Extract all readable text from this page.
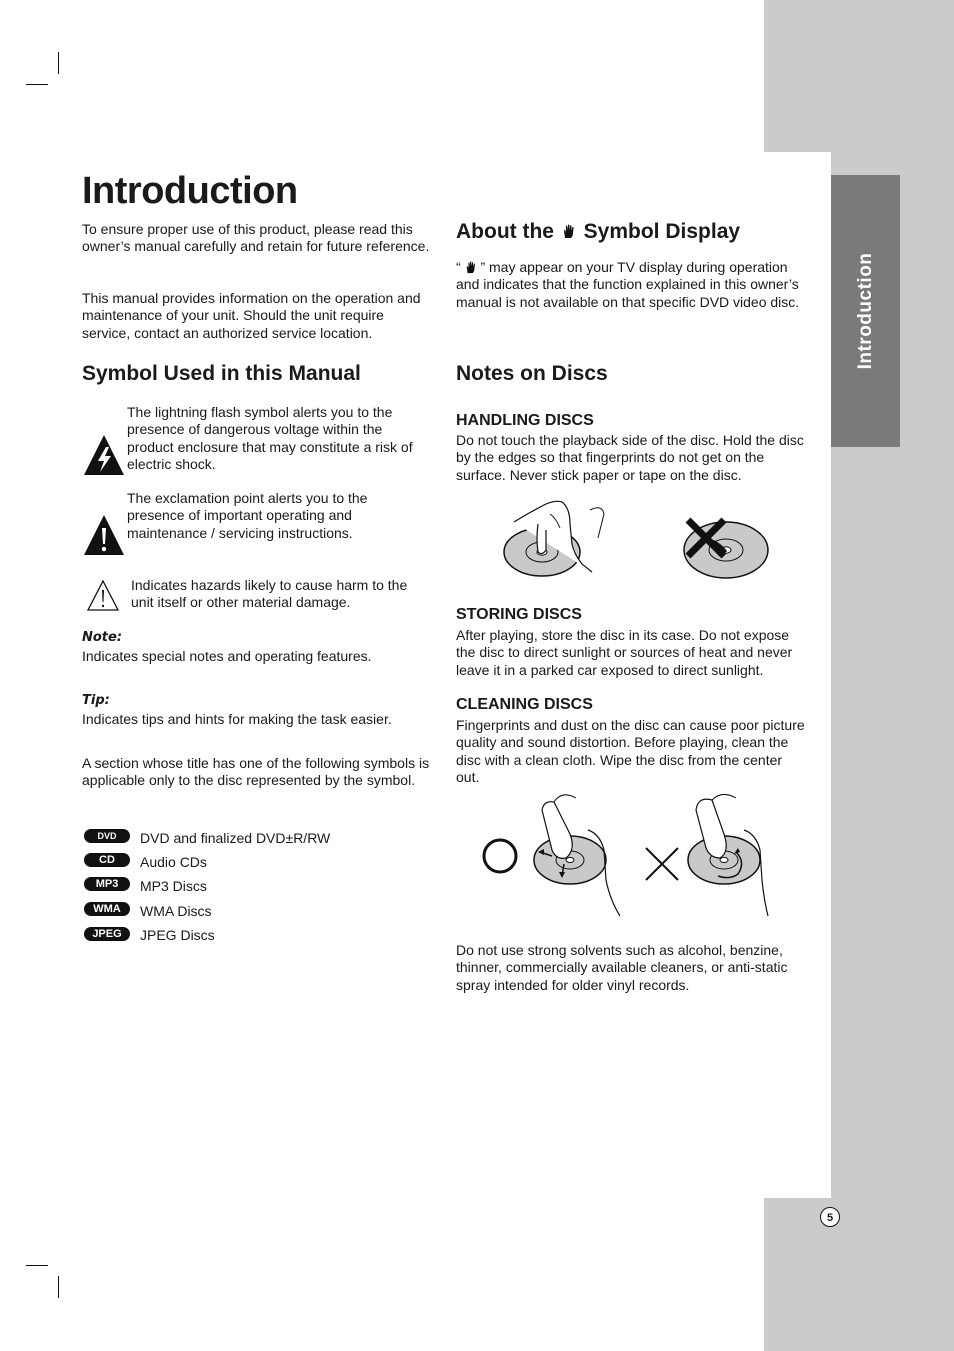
Introduction
5
Introduction

To ensure proper use of this product, please read this owner’s manual carefully and retain for future reference.

This manual provides information on the operation and maintenance of your unit. Should the unit require service, contact an authorized service location.

Symbol Used in this Manual

The lightning flash symbol alerts you to the presence of dangerous voltage within the product enclosure that may constitute a risk of electric shock.

The exclamation point alerts you to the presence of important operating and maintenance / servicing instructions.

Indicates hazards likely to cause harm to the unit itself or other material damage.

Note:

Indicates special notes and operating features.

Tip:

Indicates tips and hints for making the task easier.

A section whose title has one of the following symbols is applicable only to the disc represented by the symbol.

DVD	DVD and finalized DVD±R/RW
CD	Audio CDs
MP3	MP3 Discs
WMA	WMA Discs
JPEG	JPEG Discs
About the Symbol Display

“ ” may appear on your TV display during operation and indicates that the function explained in this owner’s manual is not available on that specific DVD video disc.

Notes on Discs
HANDLING DISCS

Do not touch the playback side of the disc. Hold the disc by the edges so that fingerprints do not get on the surface. Never stick paper or tape on the disc.

STORING DISCS

After playing, store the disc in its case. Do not expose the disc to direct sunlight or sources of heat and never leave it in a parked car exposed to direct sunlight.

CLEANING DISCS

Fingerprints and dust on the disc can cause poor picture quality and sound distortion. Before playing, clean the disc with a clean cloth. Wipe the disc from the center out.

Do not use strong solvents such as alcohol, benzine, thinner, commercially available cleaners, or anti-static spray intended for older vinyl records.
